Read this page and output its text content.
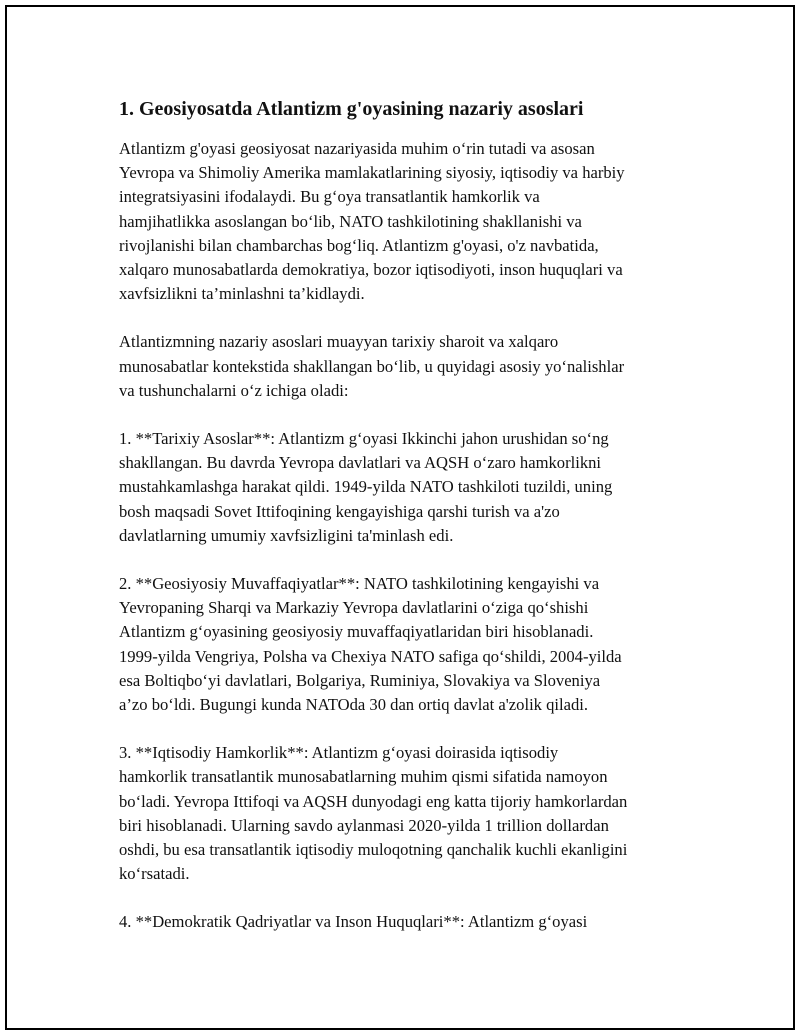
1. Geosiyosatda Atlantizm g'oyasining nazariy asoslari

Atlantizm g'oyasi geosiyosat nazariyasida muhim o‘rin tutadi va asosan
Yevropa va Shimoliy Amerika mamlakatlarining siyosiy, iqtisodiy va harbiy
integratsiyasini ifodalaydi. Bu g‘oya transatlantik hamkorlik va
hamjihatlikka asoslangan bo‘lib, NATO tashkilotining shakllanishi va
rivojlanishi bilan chambarchas bog‘liq. Atlantizm g'oyasi, o'z navbatida,
xalqaro munosabatlarda demokratiya, bozor iqtisodiyoti, inson huquqlari va
xavfsizlikni ta’minlashni ta’kidlaydi.

Atlantizmning nazariy asoslari muayyan tarixiy sharoit va xalqaro
munosabatlar kontekstida shakllangan bo‘lib, u quyidagi asosiy yo‘nalishlar
va tushunchalarni o‘z ichiga oladi:

1. **Tarixiy Asoslar**: Atlantizm g‘oyasi Ikkinchi jahon urushidan so‘ng
shakllangan. Bu davrda Yevropa davlatlari va AQSH o‘zaro hamkorlikni
mustahkamlashga harakat qildi. 1949-yilda NATO tashkiloti tuzildi, uning
bosh maqsadi Sovet Ittifoqining kengayishiga qarshi turish va a'zo
davlatlarning umumiy xavfsizligini ta'minlash edi.

2. **Geosiyosiy Muvaffaqiyatlar**: NATO tashkilotining kengayishi va
Yevropaning Sharqi va Markaziy Yevropa davlatlarini o‘ziga qo‘shishi
Atlantizm g‘oyasining geosiyosiy muvaffaqiyatlaridan biri hisoblanadi.
1999-yilda Vengriya, Polsha va Chexiya NATO safiga qo‘shildi, 2004-yilda
esa Boltiqbo‘yi davlatlari, Bolgariya, Ruminiya, Slovakiya va Sloveniya
a’zo bo‘ldi. Bugungi kunda NATOda 30 dan ortiq davlat a'zolik qiladi.

3. **Iqtisodiy Hamkorlik**: Atlantizm g‘oyasi doirasida iqtisodiy
hamkorlik transatlantik munosabatlarning muhim qismi sifatida namoyon
bo‘ladi. Yevropa Ittifoqi va AQSH dunyodagi eng katta tijoriy hamkorlardan
biri hisoblanadi. Ularning savdo aylanmasi 2020-yilda 1 trillion dollardan
oshdi, bu esa transatlantik iqtisodiy muloqotning qanchalik kuchli ekanligini
ko‘rsatadi.

4. **Demokratik Qadriyatlar va Inson Huquqlari**: Atlantizm g‘oyasi
